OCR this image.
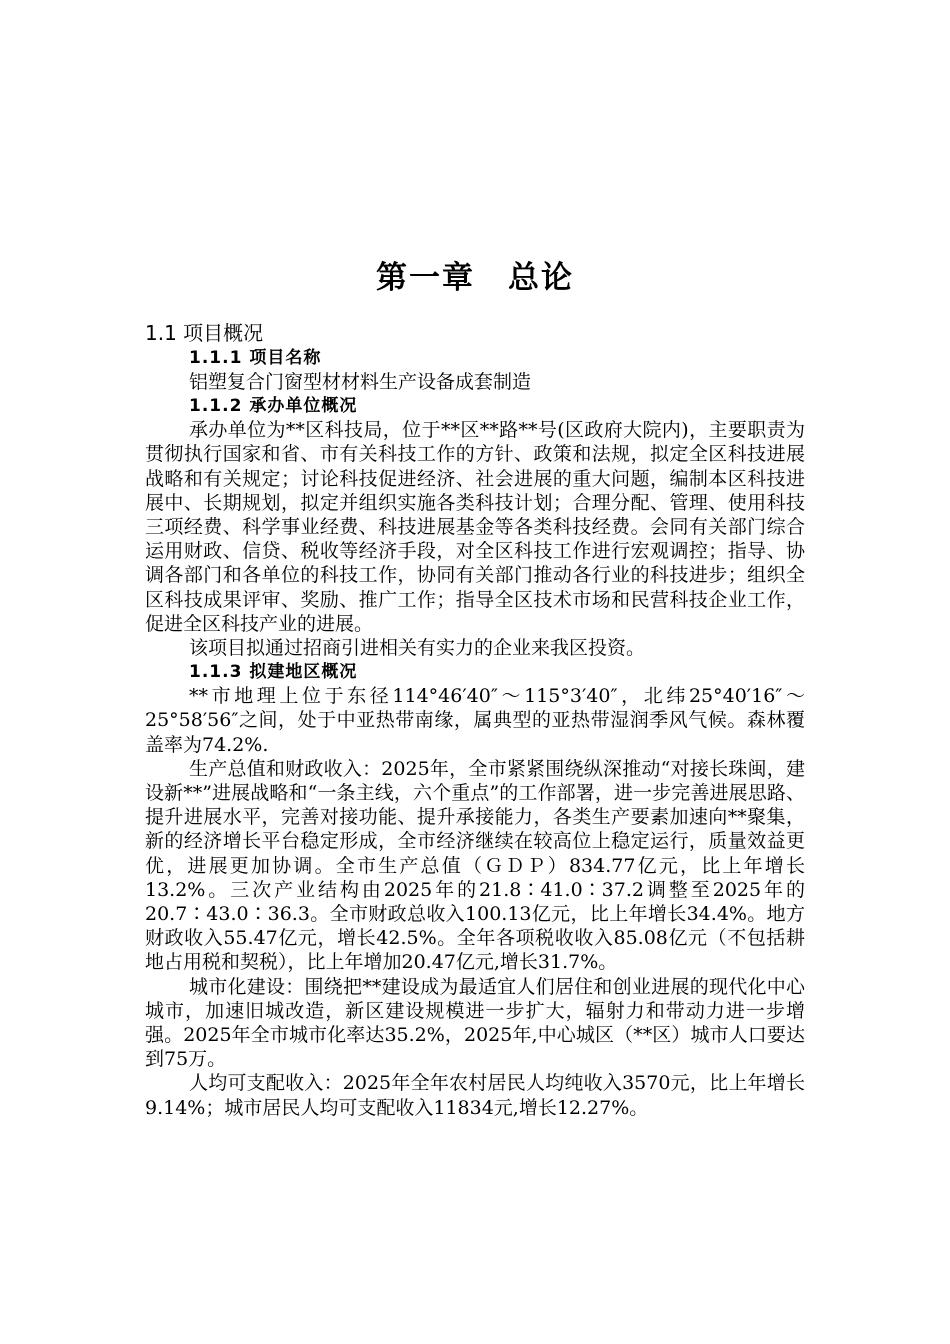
第一章　总论

1.1 项目概况

1.1.1 项目名称

铝塑复合门窗型材材料生产设备成套制造

1.1.2 承办单位概况

承办单位为**区科技局，位于**区**路**号(区政府大院内)，主要职责为贯彻执行国家和省、市有关科技工作的方针、政策和法规，拟定全区科技进展战略和有关规定；讨论科技促进经济、社会进展的重大问题，编制本区科技进展中、长期规划，拟定并组织实施各类科技计划；合理分配、管理、使用科技三项经费、科学事业经费、科技进展基金等各类科技经费。会同有关部门综合运用财政、信贷、税收等经济手段，对全区科技工作进行宏观调控；指导、协调各部门和各单位的科技工作，协同有关部门推动各行业的科技进步；组织全区科技成果评审、奖励、推广工作；指导全区技术市场和民营科技企业工作，促进全区科技产业的进展。

该项目拟通过招商引进相关有实力的企业来我区投资。

1.1.3 拟建地区概况

**市地理上位于东径114°46′40″～115°3′40″，北纬25°40′16″～25°58′56″之间，处于中亚热带南缘，属典型的亚热带湿润季风气候。森林覆盖率为74.2%.

生产总值和财政收入：2025年，全市紧紧围绕纵深推动“对接长珠闽，建设新**”进展战略和“一条主线，六个重点”的工作部署，进一步完善进展思路、提升进展水平，完善对接功能、提升承接能力，各类生产要素加速向**聚集，新的经济增长平台稳定形成，全市经济继续在较高位上稳定运行，质量效益更优，进展更加协调。全市生产总值（ＧＤＰ）834.77亿元，比上年增长13.2%。三次产业结构由2025年的21.8∶41.0∶37.2调整至2025年的20.7∶43.0∶36.3。全市财政总收入100.13亿元，比上年增长34.4%。地方财政收入55.47亿元，增长42.5%。全年各项税收收入85.08亿元（不包括耕地占用税和契税），比上年增加20.47亿元,增长31.7%。

城市化建设：围绕把**建设成为最适宜人们居住和创业进展的现代化中心城市，加速旧城改造，新区建设规模进一步扩大，辐射力和带动力进一步增强。2025年全市城市化率达35.2%，2025年,中心城区（**区）城市人口要达到75万。

人均可支配收入：2025年全年农村居民人均纯收入3570元，比上年增长9.14%；城市居民人均可支配收入11834元,增长12.27%。
